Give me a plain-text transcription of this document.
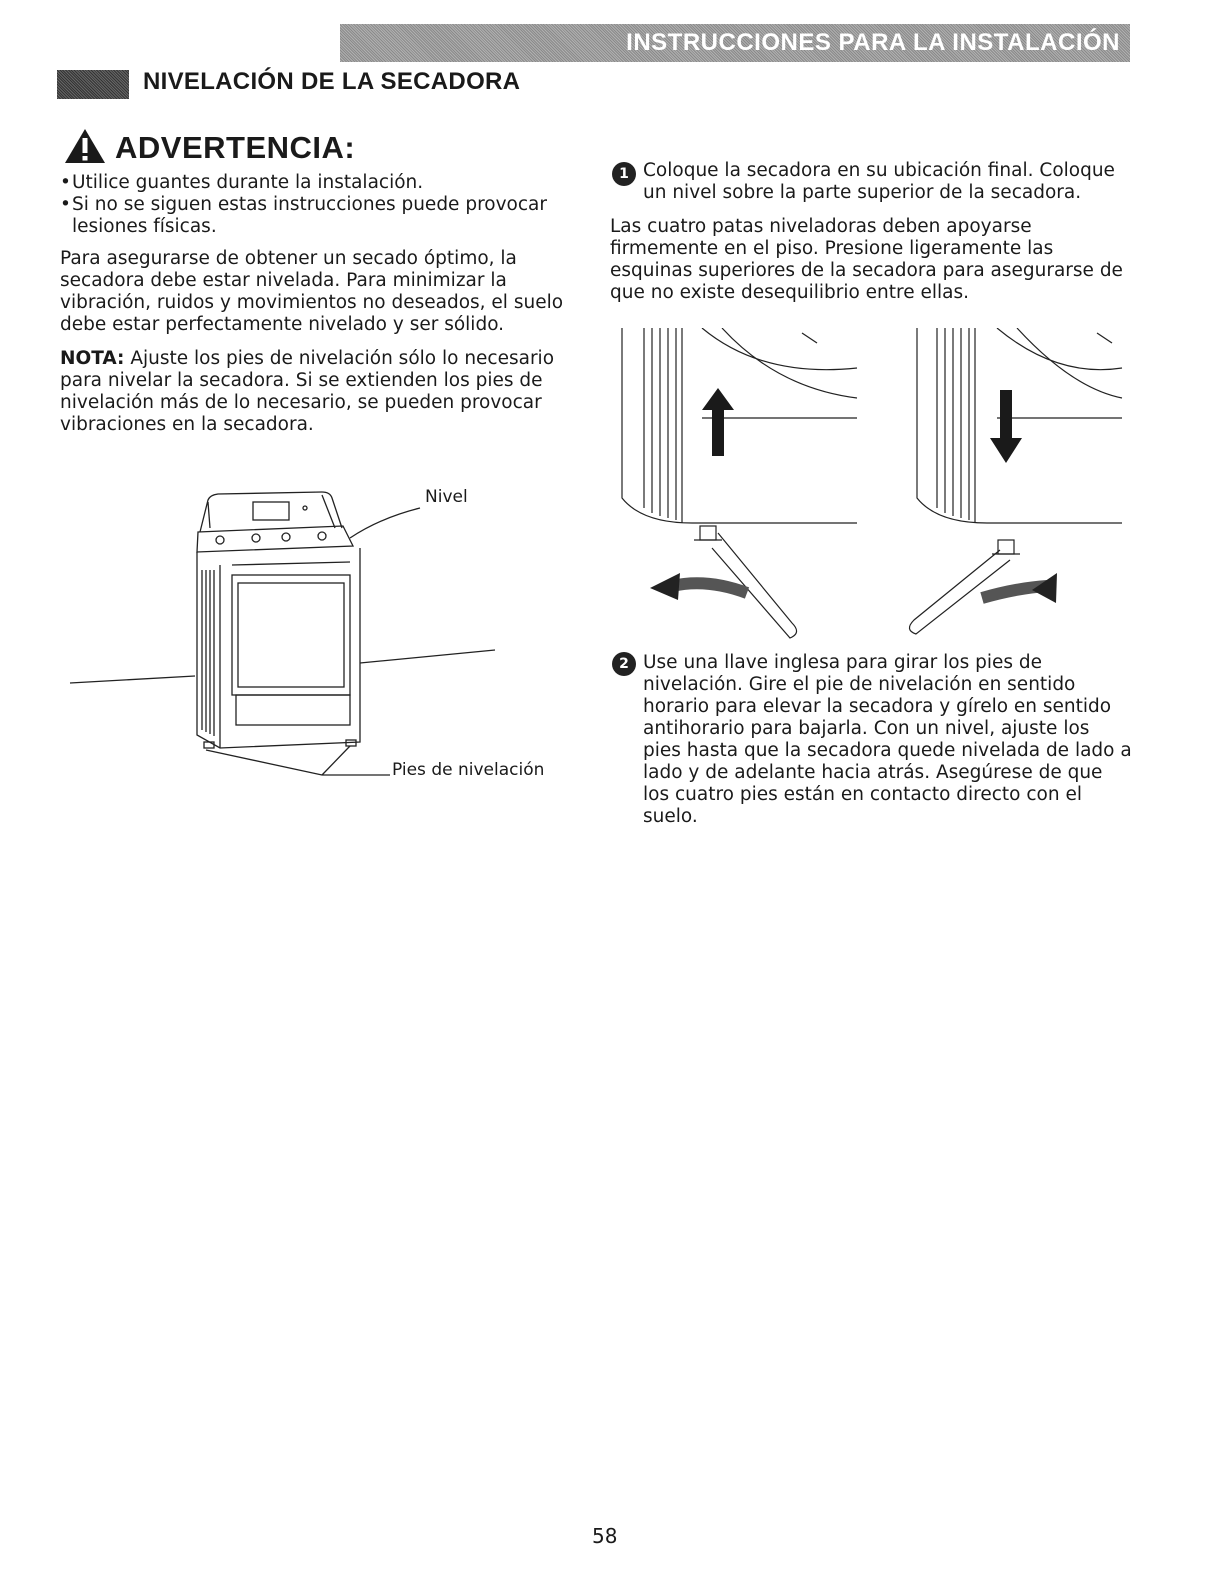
INSTRUCCIONES PARA LA INSTALACIÓN
NIVELACIÓN DE LA SECADORA
ADVERTENCIA:
• Utilice guantes durante la instalación.
• Si no se siguen estas instrucciones puede provocar lesiones físicas.
Para asegurarse de obtener un secado óptimo, la secadora debe estar nivelada. Para minimizar la vibración, ruidos y movimientos no deseados, el suelo debe estar perfectamente nivelado y ser sólido.
NOTA: Ajuste los pies de nivelación sólo lo necesario para nivelar la secadora. Si se extienden los pies de nivelación más de lo necesario, se pueden provocar vibraciones en la secadora.
Nivel
Pies de nivelación
1 Coloque la secadora en su ubicación final. Coloque un nivel sobre la parte superior de la secadora.
Las cuatro patas niveladoras deben apoyarse firmemente en el piso. Presione ligeramente las esquinas superiores de la secadora para asegurarse de que no existe desequilibrio entre ellas.
2 Use una llave inglesa para girar los pies de nivelación. Gire el pie de nivelación en sentido horario para elevar la secadora y gírelo en sentido antihorario para bajarla. Con un nivel, ajuste los pies hasta que la secadora quede nivelada de lado a lado y de adelante hacia atrás. Asegúrese de que los cuatro pies están en contacto directo con el suelo.
58
